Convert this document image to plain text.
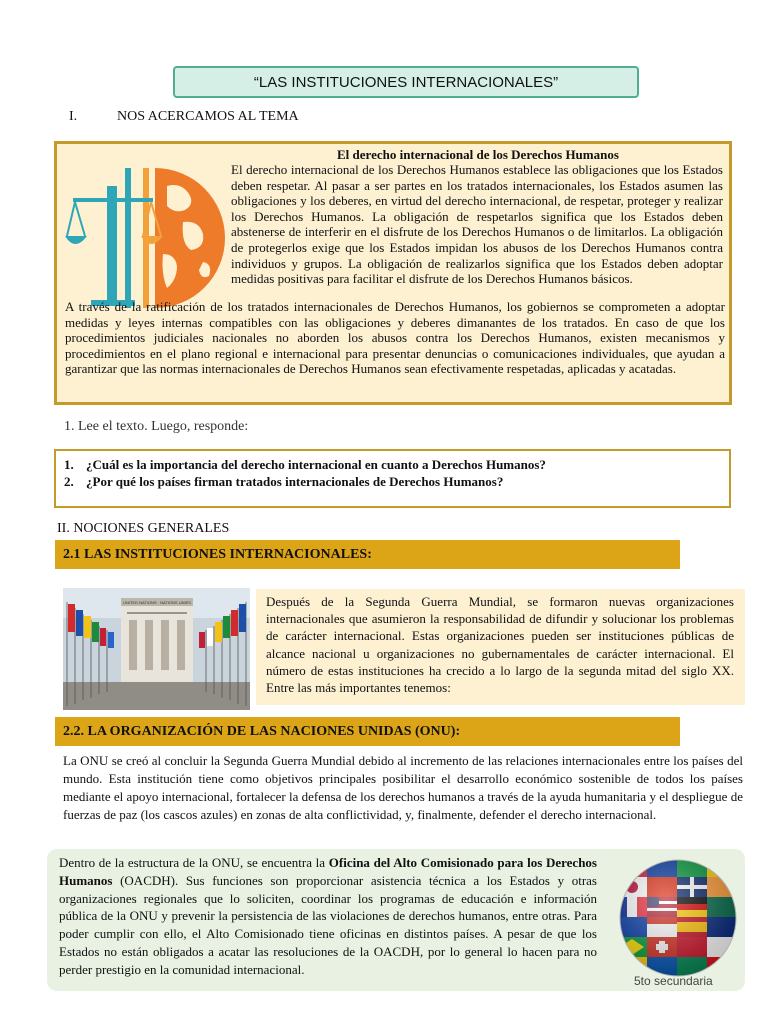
“LAS INSTITUCIONES INTERNACIONALES”
I.	NOS ACERCAMOS AL TEMA
El derecho internacional de los Derechos Humanos
El derecho internacional de los Derechos Humanos establece las obligaciones que los Estados deben respetar. Al pasar a ser partes en los tratados internacionales, los Estados asumen las obligaciones y los deberes, en virtud del derecho internacional, de respetar, proteger y realizar los Derechos Humanos. La obligación de respetarlos significa que los Estados deben abstenerse de interferir en el disfrute de los Derechos Humanos o de limitarlos. La obligación de protegerlos exige que los Estados impidan los abusos de los Derechos Humanos contra individuos y grupos. La obligación de realizarlos significa que los Estados deben adoptar medidas positivas para facilitar el disfrute de los Derechos Humanos básicos.
A través de la ratificación de los tratados internacionales de Derechos Humanos, los gobiernos se comprometen a adoptar medidas y leyes internas compatibles con las obligaciones y deberes dimanantes de los tratados. En caso de que los procedimientos judiciales nacionales no aborden los abusos contra los Derechos Humanos, existen mecanismos y procedimientos en el plano regional e internacional para presentar denuncias o comunicaciones individuales, que ayudan a garantizar que las normas internacionales de Derechos Humanos sean efectivamente respetadas, aplicadas y acatadas.
1. Lee el texto. Luego, responde:
1. ¿Cuál es la importancia del derecho internacional en cuanto a Derechos Humanos?
2. ¿Por qué los países firman tratados internacionales de Derechos Humanos?
II. NOCIONES GENERALES
2.1 LAS INSTITUCIONES INTERNACIONALES:
UNITED NATIONS · NATIONS UNIES	Después de la Segunda Guerra Mundial, se formaron nuevas organizaciones internacionales que asumieron la responsabilidad de difundir y solucionar los problemas de carácter internacional. Estas organizaciones pueden ser instituciones públicas de alcance nacional u organizaciones no gubernamentales de carácter internacional. El número de estas instituciones ha crecido a lo largo de la segunda mitad del siglo XX. Entre las más importantes tenemos:
2.2. LA ORGANIZACIÓN DE LAS NACIONES UNIDAS (ONU):
La ONU se creó al concluir la Segunda Guerra Mundial debido al incremento de las relaciones internacionales entre los países del mundo. Esta institución tiene como objetivos principales posibilitar el desarrollo económico sostenible de todos los países mediante el apoyo internacional, fortalecer la defensa de los derechos humanos a través de la ayuda humanitaria y el despliegue de fuerzas de paz (los cascos azules) en zonas de alta conflictividad, y, finalmente, defender el derecho internacional.
Dentro de la estructura de la ONU, se encuentra la Oficina del Alto Comisionado para los Derechos Humanos (OACDH). Sus funciones son proporcionar asistencia técnica a los Estados y otras organizaciones regionales que lo soliciten, coordinar los programas de educación e información pública de la ONU y prevenir la persistencia de las violaciones de derechos humanos, entre otras. Para poder cumplir con ello, el Alto Comisionado tiene oficinas en distintos países. A pesar de que los Estados no están obligados a acatar las resoluciones de la OACDH, por lo general lo hacen para no perder prestigio en la comunidad internacional.
5to secundaria
